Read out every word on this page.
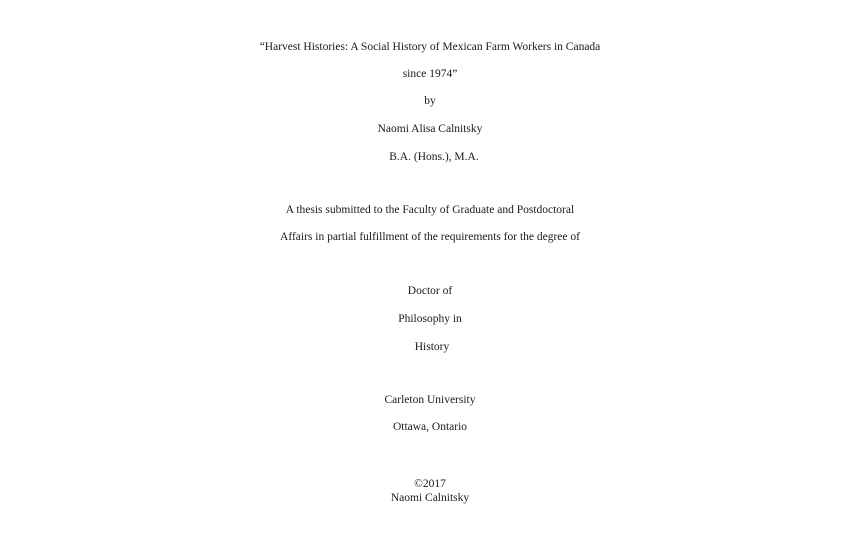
“Harvest Histories: A Social History of Mexican Farm Workers in Canada
since 1974”
by
Naomi Alisa Calnitsky
B.A. (Hons.), M.A.
A thesis submitted to the Faculty of Graduate and Postdoctoral
Affairs in partial fulfillment of the requirements for the degree of
Doctor of
Philosophy in
History
Carleton University
Ottawa, Ontario
©2017
Naomi Calnitsky
